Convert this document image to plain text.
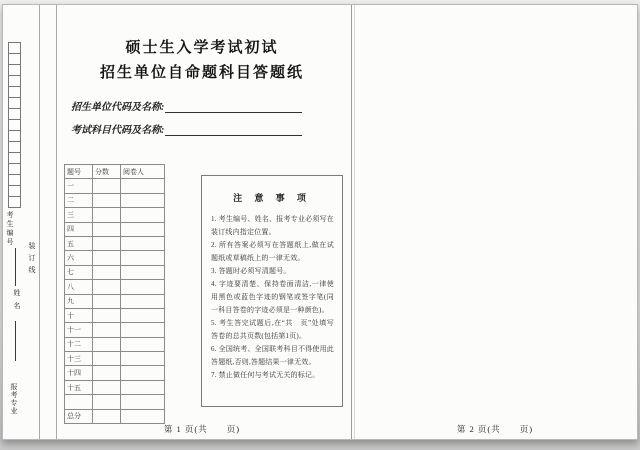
考生编号
姓名
报考专业
装订线
硕士生入学考试初试
招生单位自命题科目答题纸
招生单位代码及名称:
考试科目代码及名称:
题号	分数	阅卷人
一		
二		
三		
四		
五		
六		
七		
八		
九		
十		
十一		
十二		
十三		
十四		
十五		

总分		
注 意 事 项

1. 考生编号、姓名、报考专业必须写在装订线内指定位置。

2. 所有答案必须写在答题纸上,做在试题纸或草稿纸上的一律无效。

3. 答题时必须写清题号。

4. 字迹要清楚、保持卷面清洁,一律使用黑色或蓝色字迹的钢笔或签字笔(同一科目答卷的字迹必须是一种颜色)。

5. 考生答完试题后,在“共　页”处填写答卷的总共页数(包括第1页)。

6. 全国统考、全国联考科目不得使用此答题纸,否则,答题结果一律无效。

7. 禁止做任何与考试无关的标记。

第 1 页(共　　页)	第 2 页(共　　页)
